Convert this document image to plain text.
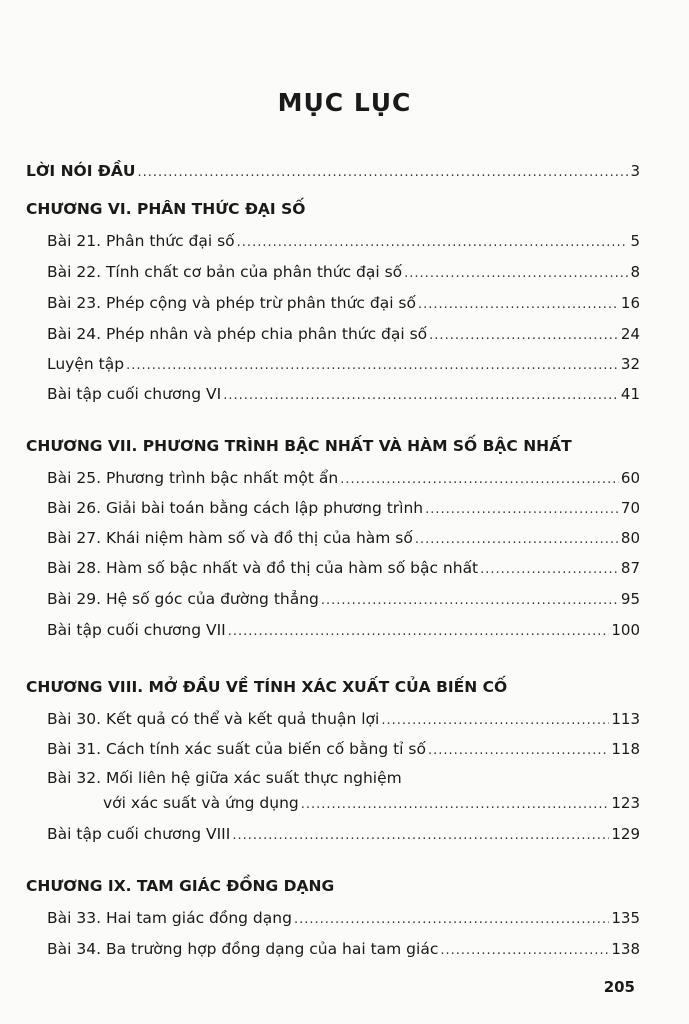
MỤC LỤC
LỜI NÓI ĐẦU .....	3
CHƯƠNG VI. PHÂN THỨC ĐẠI SỐ
Bài 21. Phân thức đại số .....	5
Bài 22. Tính chất cơ bản của phân thức đại số .....	8
Bài 23. Phép cộng và phép trừ phân thức đại số .....	16
Bài 24. Phép nhân và phép chia phân thức đại số .....	24
Luyện tập .....	32
Bài tập cuối chương VI .....	41
CHƯƠNG VII. PHƯƠNG TRÌNH BẬC NHẤT VÀ HÀM SỐ BẬC NHẤT
Bài 25. Phương trình bậc nhất một ẩn .....	60
Bài 26. Giải bài toán bằng cách lập phương trình .....	70
Bài 27. Khái niệm hàm số và đồ thị của hàm số .....	80
Bài 28. Hàm số bậc nhất và đồ thị của hàm số bậc nhất .....	87
Bài 29. Hệ số góc của đường thẳng .....	95
Bài tập cuối chương VII .....	100
CHƯƠNG VIII. MỞ ĐẦU VỀ TÍNH XÁC XUẤT CỦA BIẾN CỐ
Bài 30. Kết quả có thể và kết quả thuận lợi .....	113
Bài 31. Cách tính xác suất của biến cố bằng tỉ số .....	118
Bài 32. Mối liên hệ giữa xác suất thực nghiệm
với xác suất và ứng dụng .....	123
Bài tập cuối chương VIII .....	129
CHƯƠNG IX. TAM GIÁC ĐỒNG DẠNG
Bài 33. Hai tam giác đồng dạng .....	135
Bài 34. Ba trường hợp đồng dạng của hai tam giác .....	138
205
